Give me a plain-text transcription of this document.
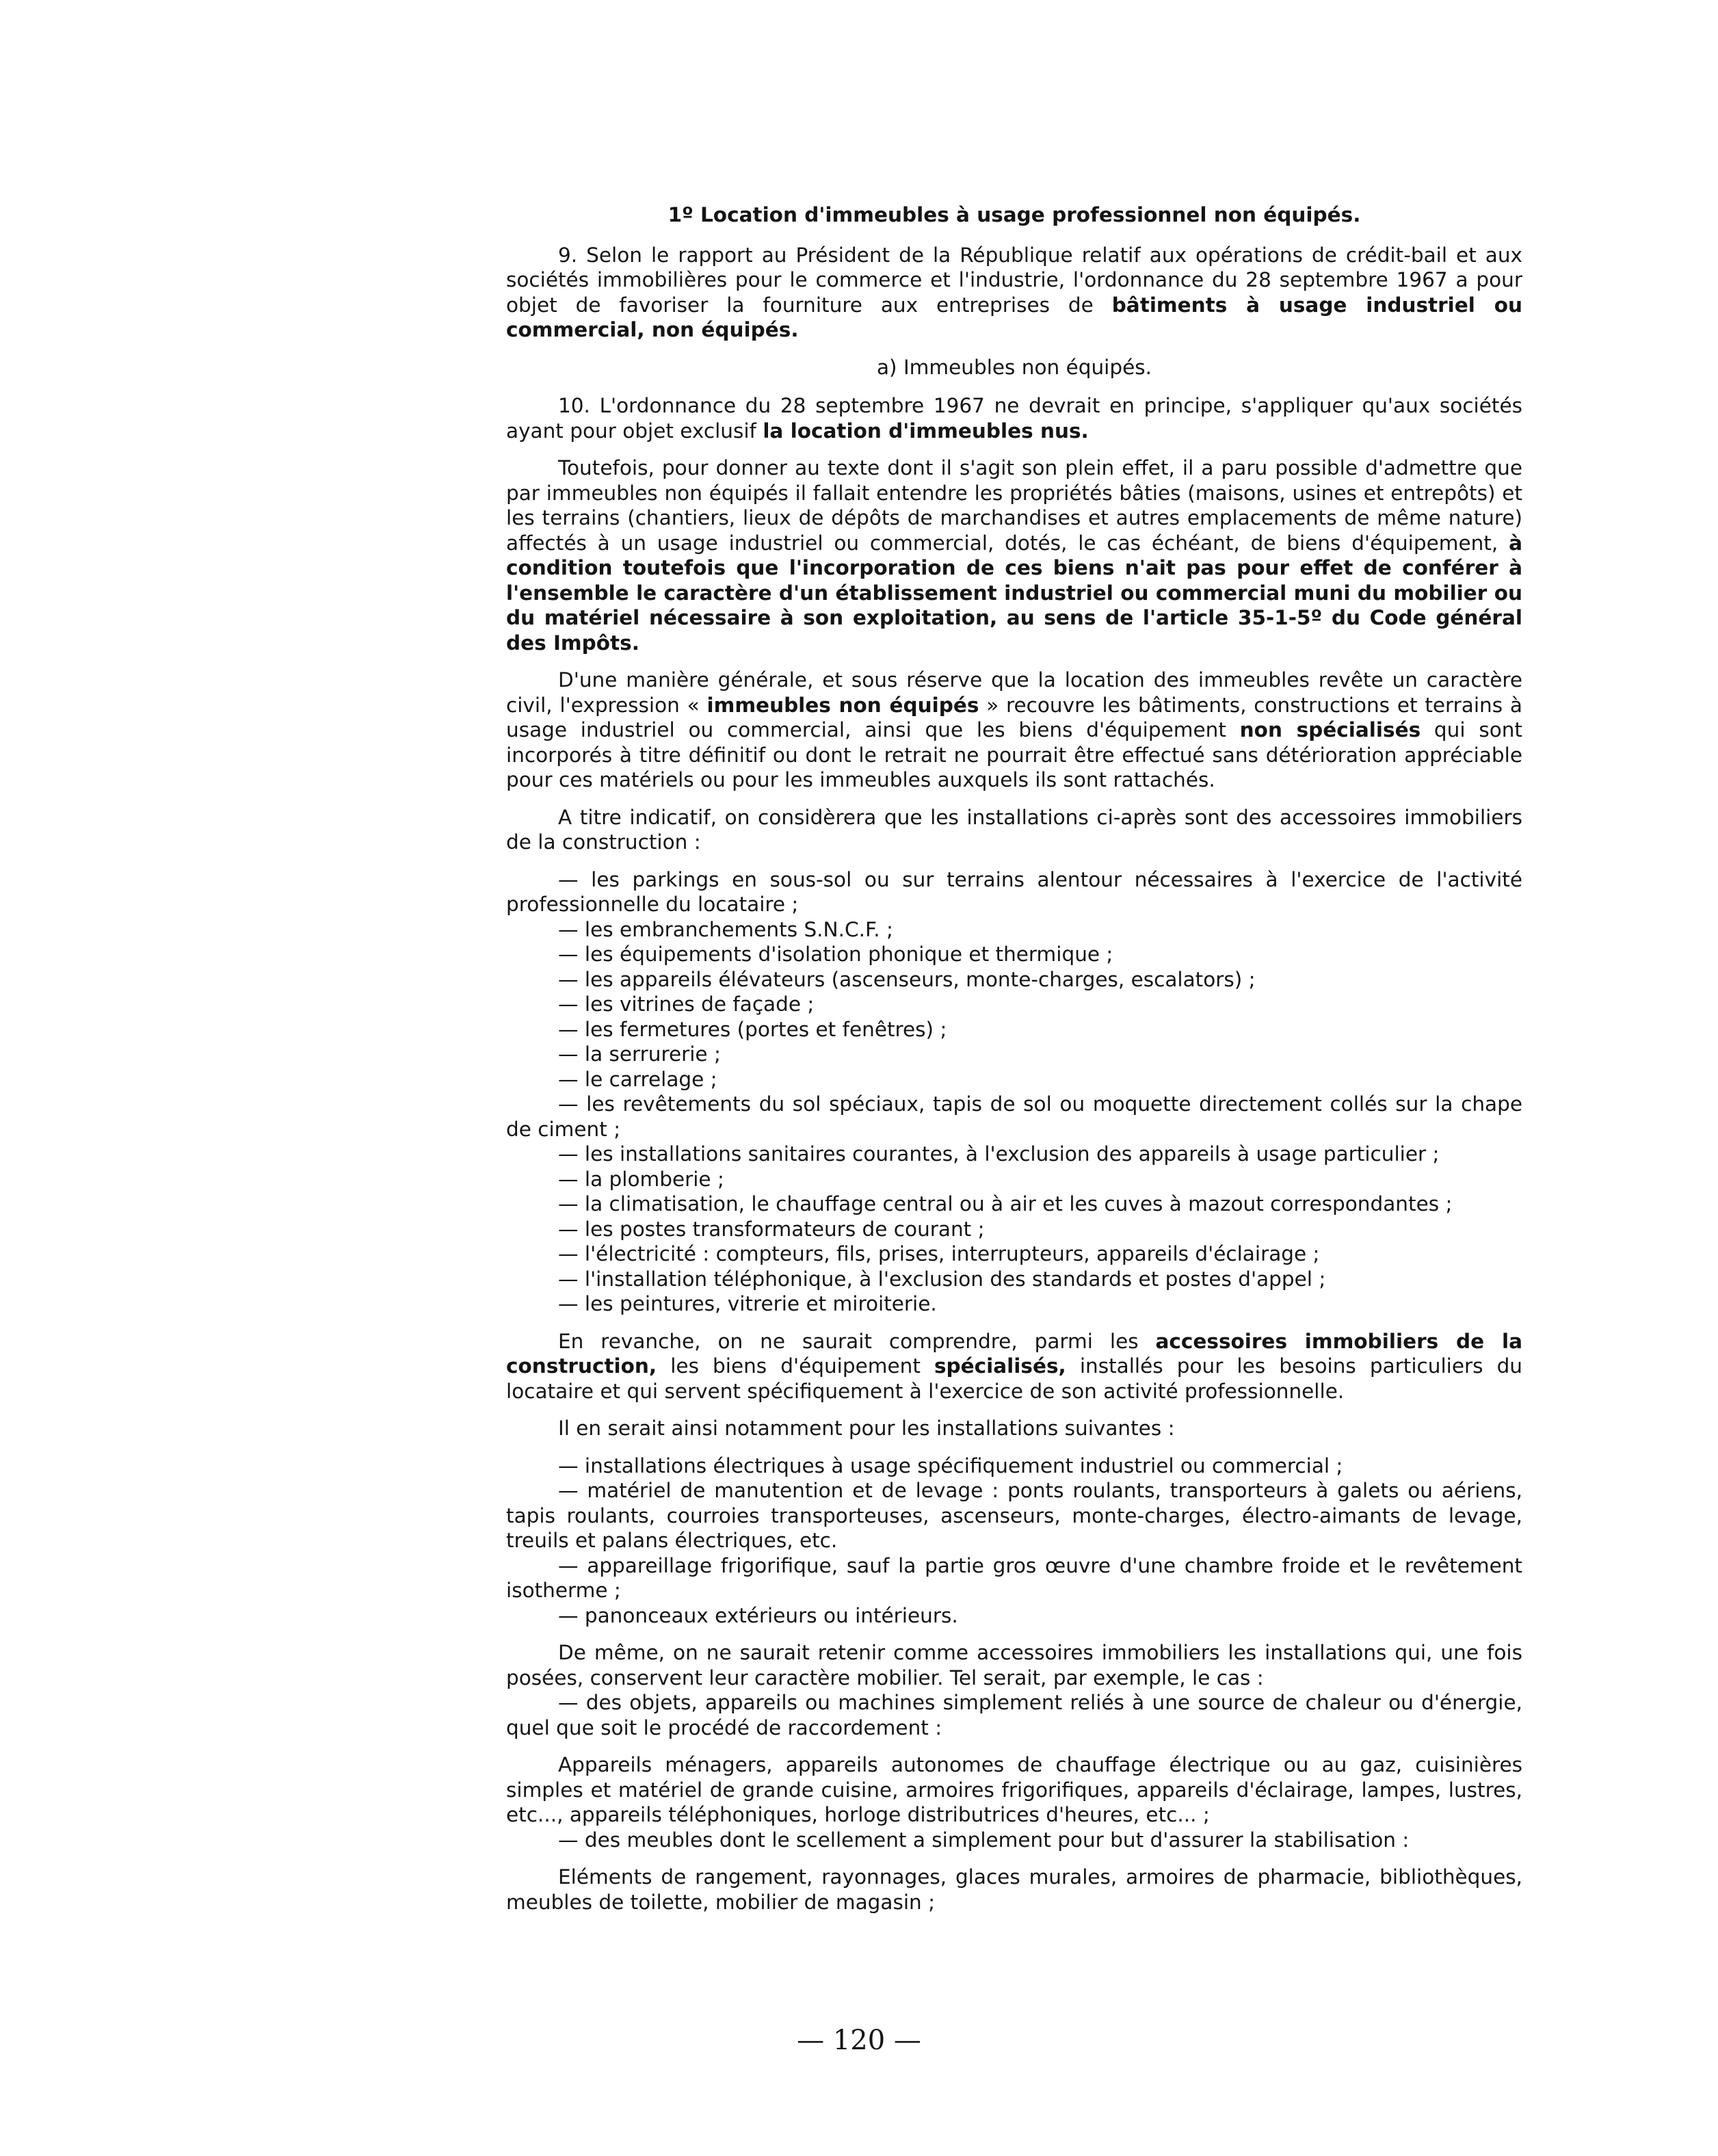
1º Location d'immeubles à usage professionnel non équipés.
9. Selon le rapport au Président de la République relatif aux opérations de crédit-bail et aux sociétés immobilières pour le commerce et l'industrie, l'ordonnance du 28 septembre 1967 a pour objet de favoriser la fourniture aux entreprises de bâtiments à usage industriel ou commercial, non équipés.
a) Immeubles non équipés.
10. L'ordonnance du 28 septembre 1967 ne devrait en principe, s'appliquer qu'aux sociétés ayant pour objet exclusif la location d'immeubles nus.
Toutefois, pour donner au texte dont il s'agit son plein effet, il a paru possible d'admettre que par immeubles non équipés il fallait entendre les propriétés bâties (maisons, usines et entrepôts) et les terrains (chantiers, lieux de dépôts de marchandises et autres emplacements de même nature) affectés à un usage industriel ou commercial, dotés, le cas échéant, de biens d'équipement, à condition toutefois que l'incorporation de ces biens n'ait pas pour effet de conférer à l'ensemble le caractère d'un établissement industriel ou commercial muni du mobilier ou du matériel nécessaire à son exploitation, au sens de l'article 35-1-5º du Code général des Impôts.
D'une manière générale, et sous réserve que la location des immeubles revête un caractère civil, l'expression « immeubles non équipés » recouvre les bâtiments, constructions et terrains à usage industriel ou commercial, ainsi que les biens d'équipement non spécialisés qui sont incorporés à titre définitif ou dont le retrait ne pourrait être effectué sans détérioration appréciable pour ces matériels ou pour les immeubles auxquels ils sont rattachés.
A titre indicatif, on considèrera que les installations ci-après sont des accessoires immobiliers de la construction :
— les parkings en sous-sol ou sur terrains alentour nécessaires à l'exercice de l'activité professionnelle du locataire ;
— les embranchements S.N.C.F. ;
— les équipements d'isolation phonique et thermique ;
— les appareils élévateurs (ascenseurs, monte-charges, escalators) ;
— les vitrines de façade ;
— les fermetures (portes et fenêtres) ;
— la serrurerie ;
— le carrelage ;
— les revêtements du sol spéciaux, tapis de sol ou moquette directement collés sur la chape de ciment ;
— les installations sanitaires courantes, à l'exclusion des appareils à usage particulier ;
— la plomberie ;
— la climatisation, le chauffage central ou à air et les cuves à mazout correspondantes ;
— les postes transformateurs de courant ;
— l'électricité : compteurs, fils, prises, interrupteurs, appareils d'éclairage ;
— l'installation téléphonique, à l'exclusion des standards et postes d'appel ;
— les peintures, vitrerie et miroiterie.
En revanche, on ne saurait comprendre, parmi les accessoires immobiliers de la construction, les biens d'équipement spécialisés, installés pour les besoins particuliers du locataire et qui servent spécifiquement à l'exercice de son activité professionnelle.
Il en serait ainsi notamment pour les installations suivantes :
— installations électriques à usage spécifiquement industriel ou commercial ;
— matériel de manutention et de levage : ponts roulants, transporteurs à galets ou aériens, tapis roulants, courroies transporteuses, ascenseurs, monte-charges, électro-aimants de levage, treuils et palans électriques, etc.
— appareillage frigorifique, sauf la partie gros œuvre d'une chambre froide et le revêtement isotherme ;
— panonceaux extérieurs ou intérieurs.
De même, on ne saurait retenir comme accessoires immobiliers les installations qui, une fois posées, conservent leur caractère mobilier. Tel serait, par exemple, le cas :
— des objets, appareils ou machines simplement reliés à une source de chaleur ou d'énergie, quel que soit le procédé de raccordement :
Appareils ménagers, appareils autonomes de chauffage électrique ou au gaz, cuisinières simples et matériel de grande cuisine, armoires frigorifiques, appareils d'éclairage, lampes, lustres, etc..., appareils téléphoniques, horloge distributrices d'heures, etc... ;
— des meubles dont le scellement a simplement pour but d'assurer la stabilisation :
Eléments de rangement, rayonnages, glaces murales, armoires de pharmacie, bibliothèques, meubles de toilette, mobilier de magasin ;
— 120 —
